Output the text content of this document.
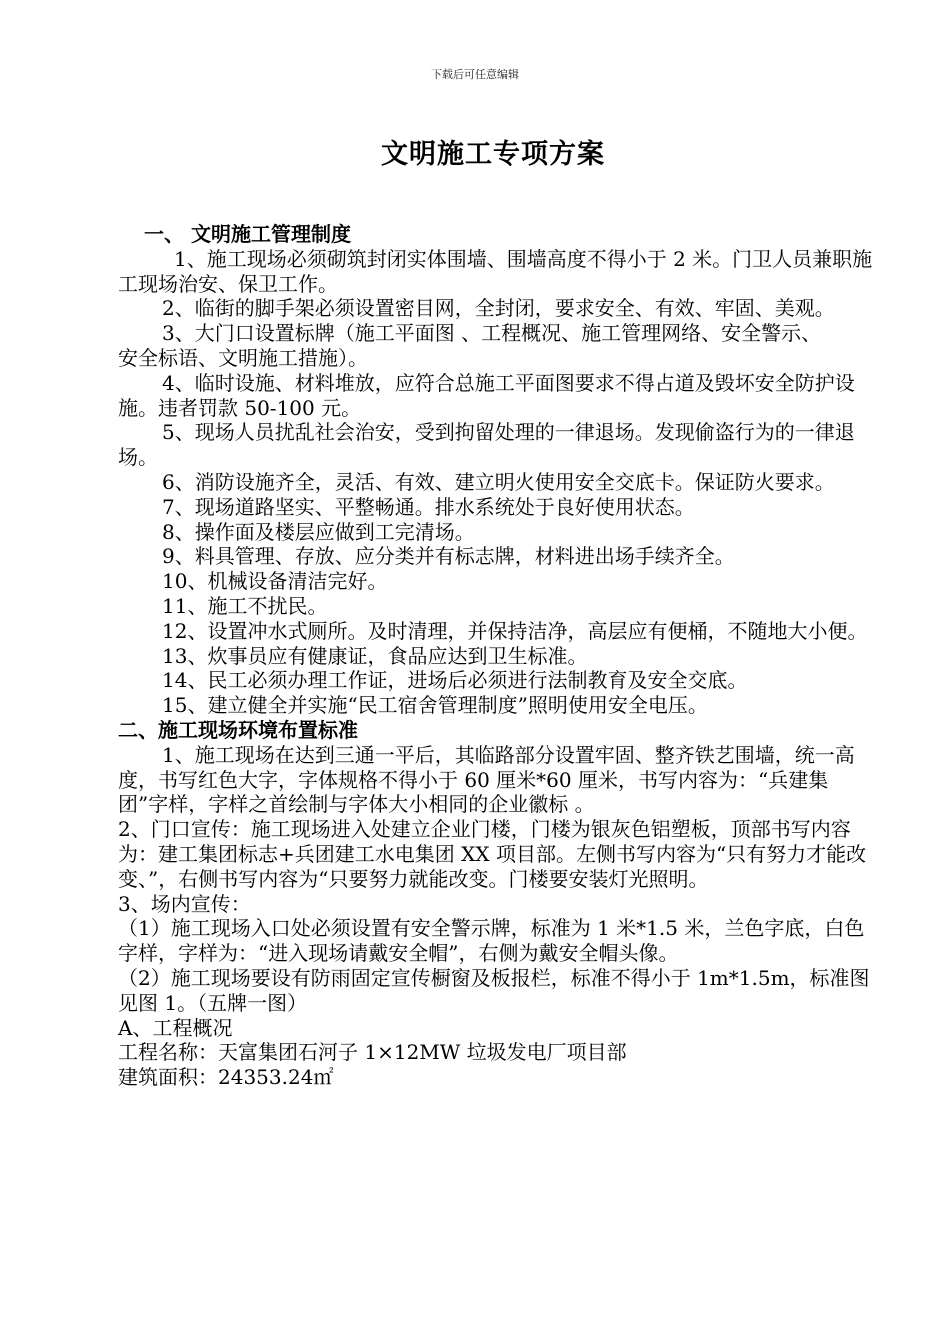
下载后可任意编辑
文明施工专项方案

一、 文明施工管理制度

1、施工现场必须砌筑封闭实体围墙、围墙高度不得小于 2 米。门卫人员兼职施工现场治安、保卫工作。

2、临街的脚手架必须设置密目网，全封闭，要求安全、有效、牢固、美观。

3、大门口设置标牌（施工平面图 、工程概况、施工管理网络、安全警示、

安全标语、文明施工措施）。

4、临时设施、材料堆放，应符合总施工平面图要求不得占道及毁坏安全防护设施。违者罚款 50-100 元。

5、现场人员扰乱社会治安，受到拘留处理的一律退场。发现偷盗行为的一律退场。

6、消防设施齐全，灵活、有效、建立明火使用安全交底卡。保证防火要求。

7、现场道路坚实、平整畅通。排水系统处于良好使用状态。

8、操作面及楼层应做到工完清场。

9、料具管理、存放、应分类并有标志牌，材料进出场手续齐全。

10、机械设备清洁完好。

11、施工不扰民。

12、设置冲水式厕所。及时清理，并保持洁净，高层应有便桶，不随地大小便。

13、炊事员应有健康证，食品应达到卫生标准。

14、民工必须办理工作证，进场后必须进行法制教育及安全交底。

15、建立健全并实施“民工宿舍管理制度”照明使用安全电压。

二、施工现场环境布置标准

1、施工现场在达到三通一平后，其临路部分设置牢固、整齐铁艺围墙，统一高度，书写红色大字，字体规格不得小于 60 厘米*60 厘米，书写内容为：“兵建集团”字样，字样之首绘制与字体大小相同的企业徽标 。

2、门口宣传：施工现场进入处建立企业门楼，门楼为银灰色铝塑板，顶部书写内容为：建工集团标志+兵团建工水电集团 XX 项目部。左侧书写内容为“只有努力才能改变、”，右侧书写内容为“只要努力就能改变。门楼要安装灯光照明。

3、场内宣传：

（1）施工现场入口处必须设置有安全警示牌，标准为 1 米*1.5 米，兰色字底，白色字样，字样为：“进入现场请戴安全帽”，右侧为戴安全帽头像。

（2）施工现场要设有防雨固定宣传橱窗及板报栏，标准不得小于 1m*1.5m，标准图见图 1。（五牌一图）

A、工程概况

工程名称：天富集团石河子 1×12MW 垃圾发电厂项目部

建筑面积：24353.24㎡
